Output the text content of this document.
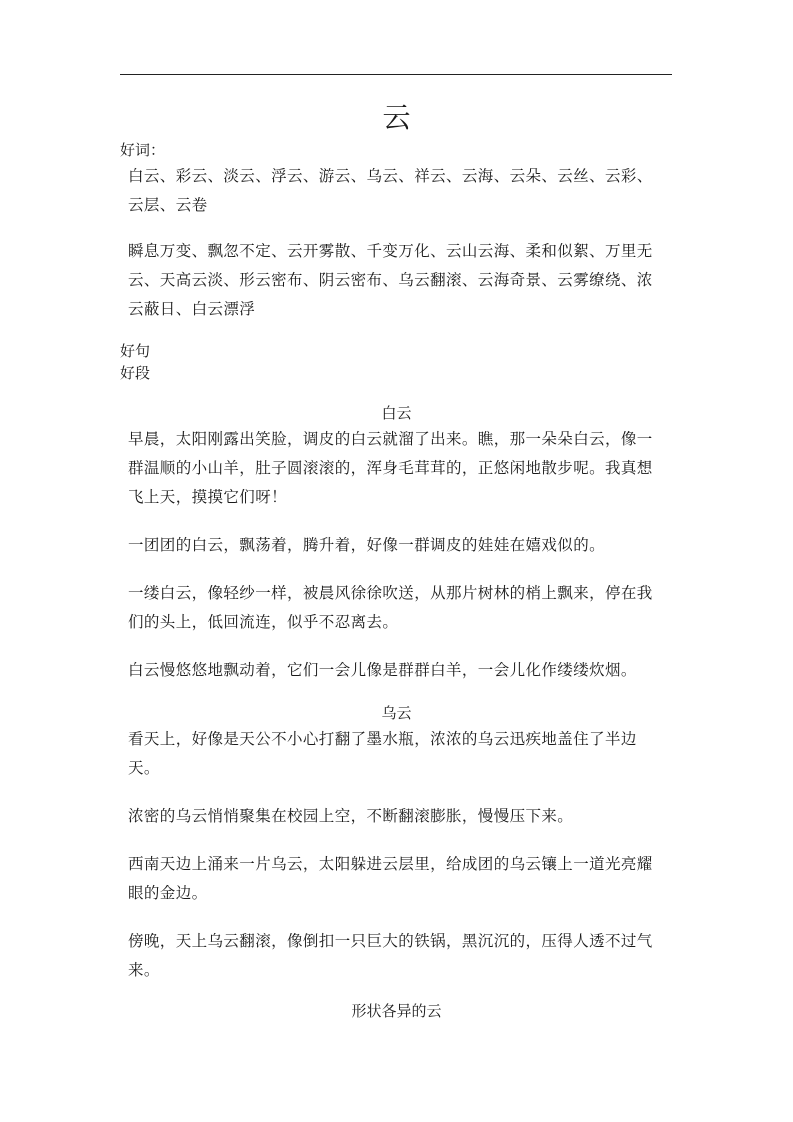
云
好词：
白云、彩云、淡云、浮云、游云、乌云、祥云、云海、云朵、云丝、云彩、云层、云卷
瞬息万变、飘忽不定、云开雾散、千变万化、云山云海、柔和似絮、万里无云、天高云淡、形云密布、阴云密布、乌云翻滚、云海奇景、云雾缭绕、浓云蔽日、白云漂浮
好句
好段
白云
早晨，太阳刚露出笑脸，调皮的白云就溜了出来。瞧，那一朵朵白云，像一群温顺的小山羊，肚子圆滚滚的，浑身毛茸茸的，正悠闲地散步呢。我真想飞上天，摸摸它们呀！
一团团的白云，飘荡着，腾升着，好像一群调皮的娃娃在嬉戏似的。
一缕白云，像轻纱一样，被晨风徐徐吹送，从那片树林的梢上飘来，停在我们的头上，低回流连，似乎不忍离去。
白云慢悠悠地飘动着，它们一会儿像是群群白羊，一会儿化作缕缕炊烟。
乌云
看天上，好像是天公不小心打翻了墨水瓶，浓浓的乌云迅疾地盖住了半边天。
浓密的乌云悄悄聚集在校园上空，不断翻滚膨胀，慢慢压下来。
西南天边上涌来一片乌云，太阳躲进云层里，给成团的乌云镶上一道光亮耀眼的金边。
傍晚，天上乌云翻滚，像倒扣一只巨大的铁锅，黑沉沉的，压得人透不过气来。
形状各异的云
